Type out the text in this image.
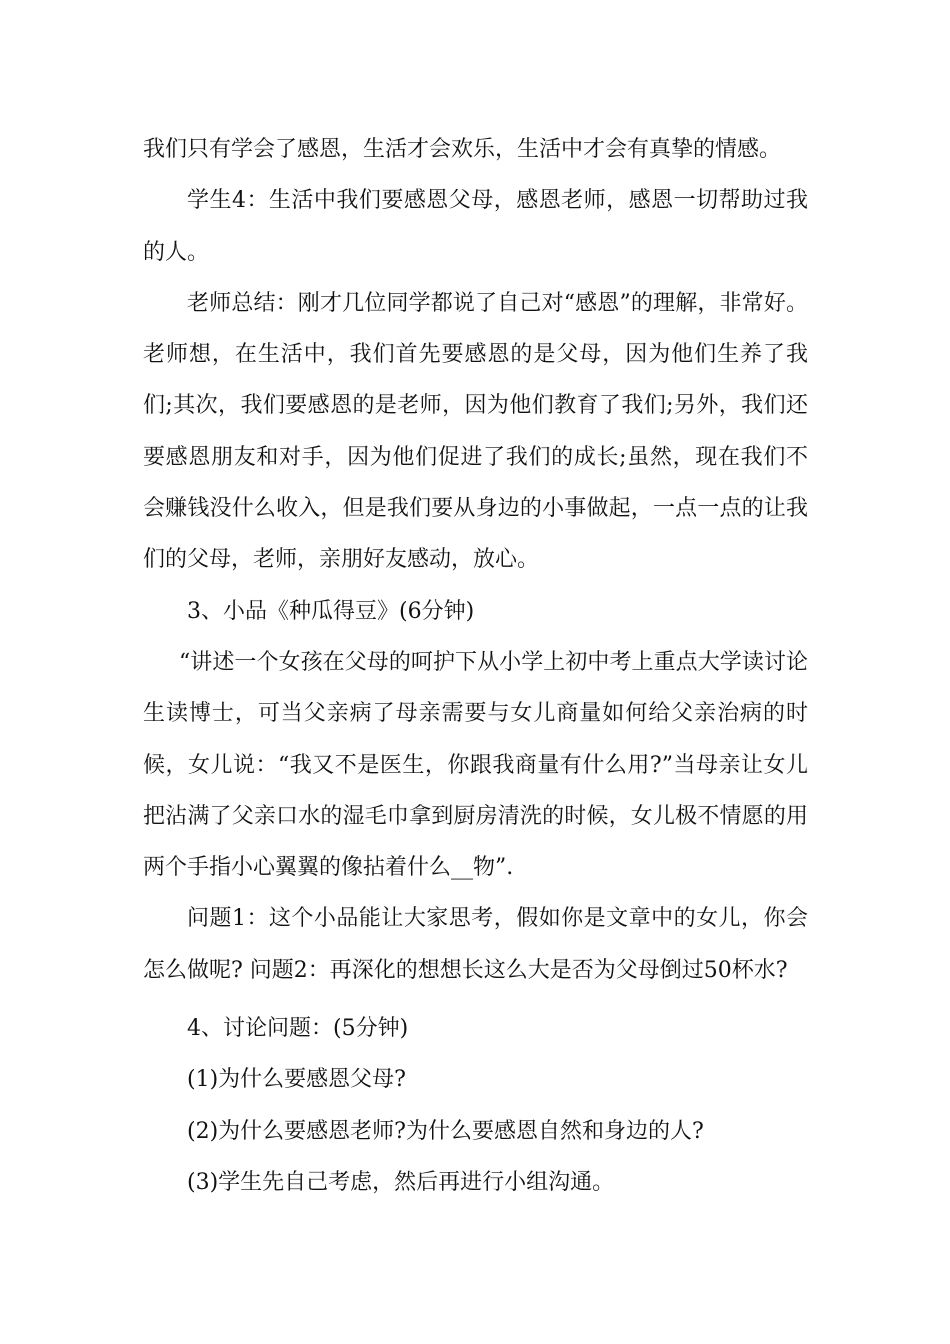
我们只有学会了感恩，生活才会欢乐，生活中才会有真挚的情感。

学生4：生活中我们要感恩父母，感恩老师，感恩一切帮助过我的人。

老师总结：刚才几位同学都说了自己对“感恩”的理解，非常好。老师想，在生活中，我们首先要感恩的是父母，因为他们生养了我们;其次，我们要感恩的是老师，因为他们教育了我们;另外，我们还要感恩朋友和对手，因为他们促进了我们的成长;虽然，现在我们不会赚钱没什么收入，但是我们要从身边的小事做起，一点一点的让我们的父母，老师，亲朋好友感动，放心。

3、小品《种瓜得豆》(6分钟)

“讲述一个女孩在父母的呵护下从小学上初中考上重点大学读讨论生读博士，可当父亲病了母亲需要与女儿商量如何给父亲治病的时候，女儿说：“我又不是医生，你跟我商量有什么用?”当母亲让女儿把沾满了父亲口水的湿毛巾拿到厨房清洗的时候，女儿极不情愿的用两个手指小心翼翼的像拈着什么__物”.

问题1：这个小品能让大家思考，假如你是文章中的女儿，你会怎么做呢? 问题2：再深化的想想长这么大是否为父母倒过50杯水?

4、讨论问题：(5分钟)

(1)为什么要感恩父母?

(2)为什么要感恩老师?为什么要感恩自然和身边的人?

(3)学生先自己考虑，然后再进行小组沟通。
